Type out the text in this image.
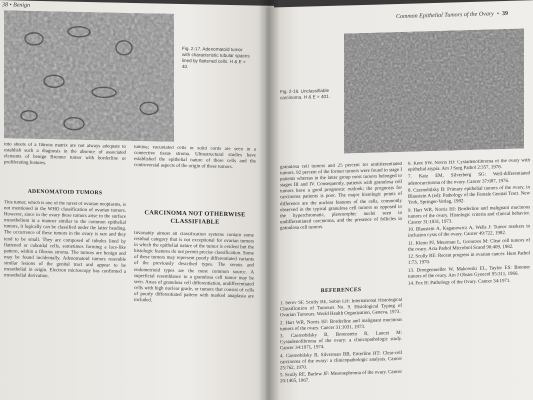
38 • Benign
Fig. 2-17. Adenomatoid tumor with characteristic tubular spaces lined by flattened cells. H & E × 40.
into sheets of a fibrous matrix are not always adequate to establish such a diagnosis in the absence of associated elements of benign Brenner tumor with borderline or proliferating features.
ADENOMATOID TUMORS
This tumor, which is one of the rarest of ovarian neoplasms, is not mentioned in the WHO classification of ovarian tumors. However, since in the ovary these tumors arise in the surface mesothelium in a manner similar to the common epithelial tumors, it logically can be classified under the latter heading. The occurrence of these tumors in the ovary is rare and they tend to be small. They are composed of tubules lined by flattened or cuboidal cells, sometimes forming a lace-like pattern, within a fibrous stroma. The tumors are benign and may be found incidentally. Adenomatoid tumors resemble similar lesions of the genital tract and appear to be mesothelial in origin. Electron microscopy has confirmed a mesothelial derivation.
lumina; vacuolated cells or solid cords are seen in a connective tissue stroma. Ultrastructural studies have established the epithelial nature of these cells and the controversial aspects of the origin of these tumors.
CARCINOMA NOT OTHERWISE
CLASSIFIABLE
Invariably almost all classification systems contain some residual category that is not exceptional for ovarian tumors in which the epithelial nature of the tumor is evident but the histologic features do not permit precise classification. Some of these tumors may represent poorly differentiated variants of the previously described types. The serous and endometrioid types are the most common source. A superficial resemblance to a granulosa cell tumor may be seen. Areas of granulosa cell differentiation, undifferentiated cells with high nuclear grade, or tumors that consist of cells of poorly differentiated pattern with marked anaplasia are included.
Common Epithelial Tumors of the Ovary  •  39
Fig. 2-18. Unclassifiable carcinoma. H & E × 401.
granulosa cell tumors and 25 percent for undifferentiated tumors. 92 percent of the former tumors were found in stage I patients whereas in the latter group most tumors belonged to stages III and IV. Consequently, patients with granulosa cell tumors have a good prognostic outlook; the prognosis for carcinoma patients is poor. The major histologic points of difference are the nuclear features of the cells, commonly observed in the typical granulosa cell tumors as opposed to the hyperchromatic, pleomorphic nuclei seen in undifferentiated carcinoma, and the presence of follicles in granulosa cell tumors.
REFERENCES
1. Serov SF, Scully RE, Sobin LH: International Histological Classification of Tumours No. 9. Histological Typing of Ovarian Tumours. World Health Organization, Geneva, 1973.
2. Hart WR, Norris HJ: Borderline and malignant mucinous tumors of the ovary. Cancer 31:1031, 1973.
3. Czernobilsky B, Borenstein R, Lancet M: Cystadenofibroma of the ovary: a clinicopathologic study. Cancer 34:1971, 1974.
4. Czernobilsky B, Silverman BB, Enterline HT: Clear-cell carcinoma of the ovary: a clinicopathologic analysis. Cancer 25:762, 1970.
5. Scully RE, Barlow JF: Mesonephroma of the ovary. Cancer 20:1405, 1967.
6. Kent SW, Norris HJ: Cystadenofibroma of the ovary with epithelial atypia. Am J Surg Pathol 2:357, 1978.
7. Katz EM, Silverberg SG: Well-differentiated adenocarcinoma of the ovary. Cancer 37:687, 1976.
8. Czernobilsky B: Primary epithelial tumors of the ovary, in Blaustein A (ed): Pathology of the Female Genital Tract. New York, Springer-Verlag, 1982.
9. Hart WR, Norris HJ: Borderline and malignant mucinous tumors of the ovary. Histologic criteria and clinical behavior. Cancer 31:1031, 1973.
10. Blaustein A, Kaganowicz A, Wells J: Tumor markers in inclusion cysts of the ovary. Cancer 49:722, 1982.
11. Klemi PJ, Meurman L, Gronroos M: Clear cell tumors of the ovary. Acta Pathol Microbiol Scand 90:409, 1982.
12. Scully RE: Recent progress in ovarian cancer. Hum Pathol 1:73, 1970.
13. Droegemueller W, Makowski EL, Taylor ES: Brenner tumors of the ovary. Am J Obstet Gynecol 95:311, 1966.
14. Fox H: Pathology of the Ovary. Cancer 34:1971.
